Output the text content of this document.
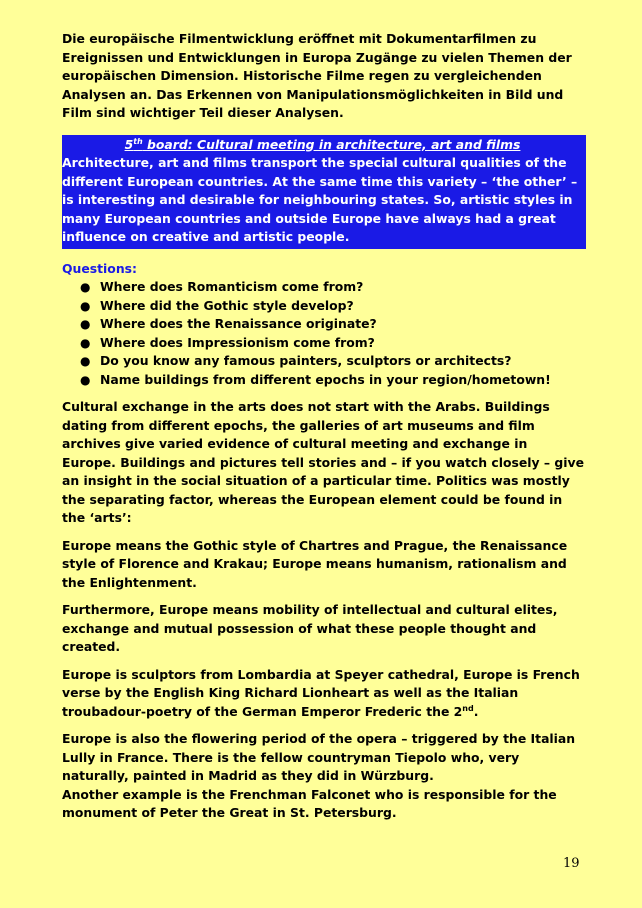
Die europäische Filmentwicklung eröffnet mit Dokumentarfilmen zu Ereignissen und Entwicklungen in Europa Zugänge zu vielen Themen der europäischen Dimension. Historische Filme regen zu vergleichenden Analysen an. Das Erkennen von Manipulationsmöglichkeiten in Bild und Film sind wichtiger Teil dieser Analysen.

5th board: Cultural meeting in architecture, art and films
Architecture, art and films transport the special cultural qualities of the different European countries. At the same time this variety – ‘the other’ – is interesting and desirable for neighbouring states. So, artistic styles in many European countries and outside Europe have always had a great influence on creative and artistic people.

Questions:

● Where does Romanticism come from?
● Where did the Gothic style develop?
● Where does the Renaissance originate?
● Where does Impressionism come from?
● Do you know any famous painters, sculptors or architects?
● Name buildings from different epochs in your region/hometown!

Cultural exchange in the arts does not start with the Arabs. Buildings dating from different epochs, the galleries of art museums and film archives give varied evidence of cultural meeting and exchange in Europe. Buildings and pictures tell stories and – if you watch closely – give an insight in the social situation of a particular time. Politics was mostly the separating factor, whereas the European element could be found in the ‘arts’:

Europe means the Gothic style of Chartres and Prague, the Renaissance style of Florence and Krakau; Europe means humanism, rationalism and the Enlightenment.

Furthermore, Europe means mobility of intellectual and cultural elites, exchange and mutual possession of what these people thought and created.

Europe is sculptors from Lombardia at Speyer cathedral, Europe is French verse by the English King Richard Lionheart as well as the Italian troubadour-poetry of the German Emperor Frederic the 2nd.

Europe is also the flowering period of the opera – triggered by the Italian Lully in France. There is the fellow countryman Tiepolo who, very naturally, painted in Madrid as they did in Würzburg.

Another example is the Frenchman Falconet who is responsible for the monument of Peter the Great in St. Petersburg.

19
